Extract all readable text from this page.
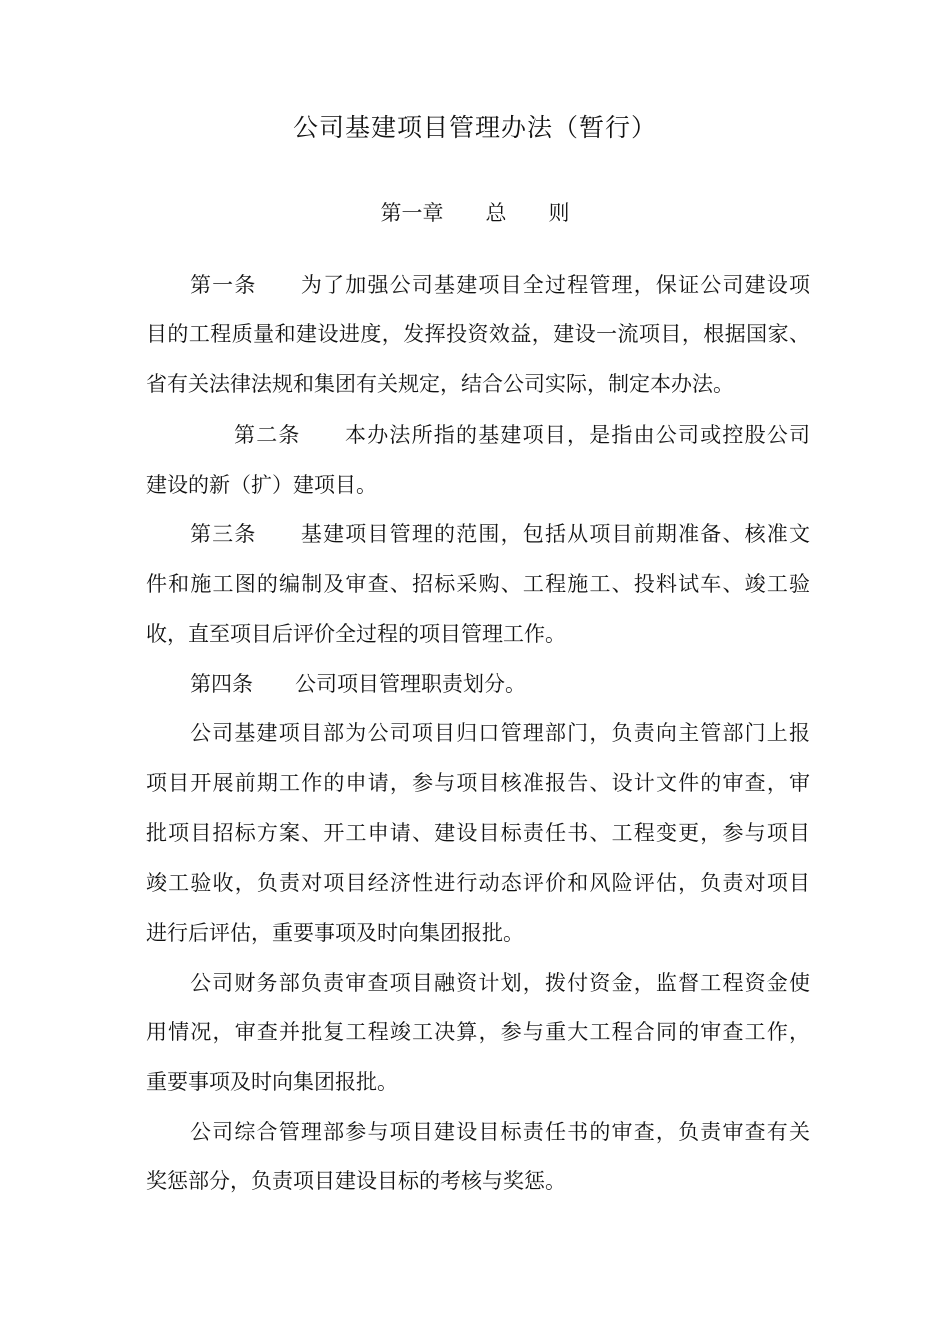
公司基建项目管理办法（暂行）
第一章　　总　　则
第一条　　为了加强公司基建项目全过程管理，保证公司建设项
目的工程质量和建设进度，发挥投资效益，建设一流项目，根据国家、
省有关法律法规和集团有关规定，结合公司实际，制定本办法。
第二条　　本办法所指的基建项目，是指由公司或控股公司
建设的新（扩）建项目。
第三条　　基建项目管理的范围，包括从项目前期准备、核准文
件和施工图的编制及审查、招标采购、工程施工、投料试车、竣工验
收，直至项目后评价全过程的项目管理工作。
第四条　　公司项目管理职责划分。
公司基建项目部为公司项目归口管理部门，负责向主管部门上报
项目开展前期工作的申请，参与项目核准报告、设计文件的审查，审
批项目招标方案、开工申请、建设目标责任书、工程变更，参与项目
竣工验收，负责对项目经济性进行动态评价和风险评估，负责对项目
进行后评估，重要事项及时向集团报批。
公司财务部负责审查项目融资计划，拨付资金，监督工程资金使
用情况，审查并批复工程竣工决算，参与重大工程合同的审查工作，
重要事项及时向集团报批。
公司综合管理部参与项目建设目标责任书的审查，负责审查有关
奖惩部分，负责项目建设目标的考核与奖惩。
